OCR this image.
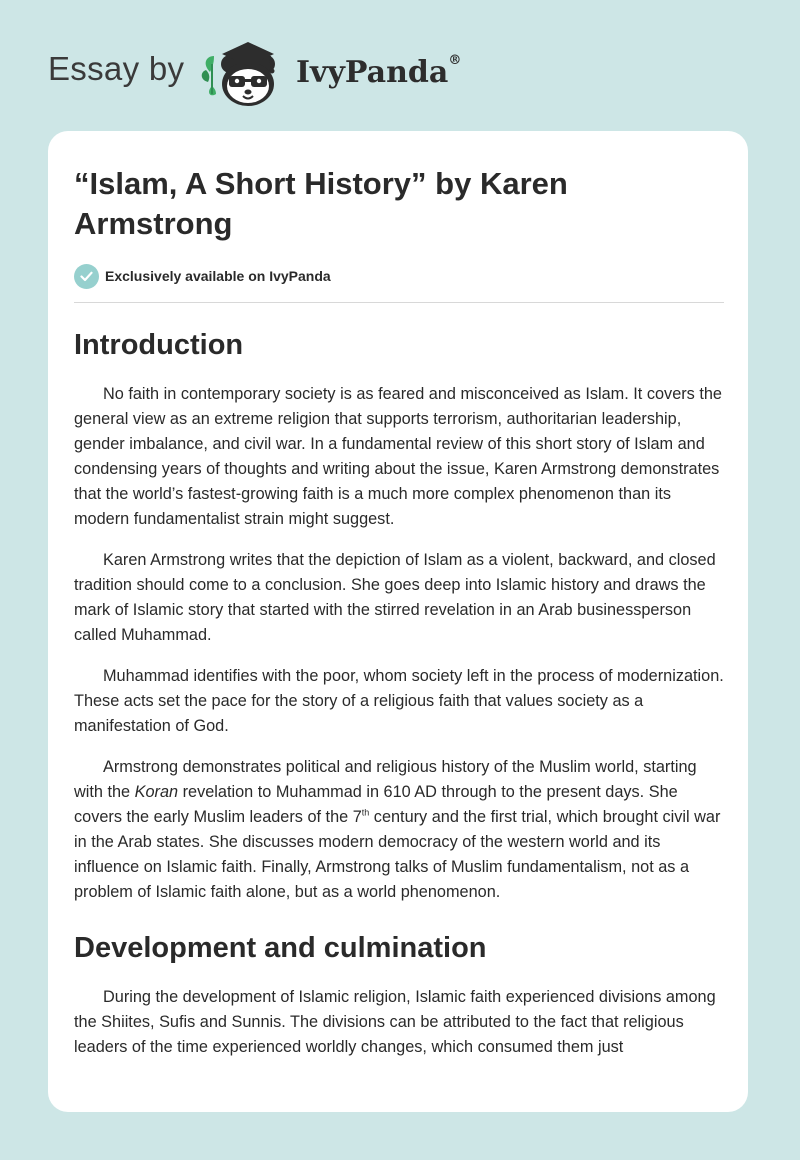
Essay by	IvyPanda®
“Islam, A Short History” by Karen Armstrong
Exclusively available on IvyPanda
Introduction

No faith in contemporary society is as feared and misconceived as Islam. It covers the general view as an extreme religion that supports terrorism, authoritarian leadership, gender imbalance, and civil war. In a fundamental review of this short story of Islam and condensing years of thoughts and writing about the issue, Karen Armstrong demonstrates that the world’s fastest-growing faith is a much more complex phenomenon than its modern fundamentalist strain might suggest.

Karen Armstrong writes that the depiction of Islam as a violent, backward, and closed tradition should come to a conclusion. She goes deep into Islamic history and draws the mark of Islamic story that started with the stirred revelation in an Arab businessperson called Muhammad.

Muhammad identifies with the poor, whom society left in the process of modernization. These acts set the pace for the story of a religious faith that values society as a manifestation of God.

Armstrong demonstrates political and religious history of the Muslim world, starting with the Koran revelation to Muhammad in 610 AD through to the present days. She covers the early Muslim leaders of the 7th century and the first trial, which brought civil war in the Arab states. She discusses modern democracy of the western world and its influence on Islamic faith. Finally, Armstrong talks of Muslim fundamentalism, not as a problem of Islamic faith alone, but as a world phenomenon.

Development and culmination

During the development of Islamic religion, Islamic faith experienced divisions among the Shiites, Sufis and Sunnis. The divisions can be attributed to the fact that religious leaders of the time experienced worldly changes, which consumed them just
